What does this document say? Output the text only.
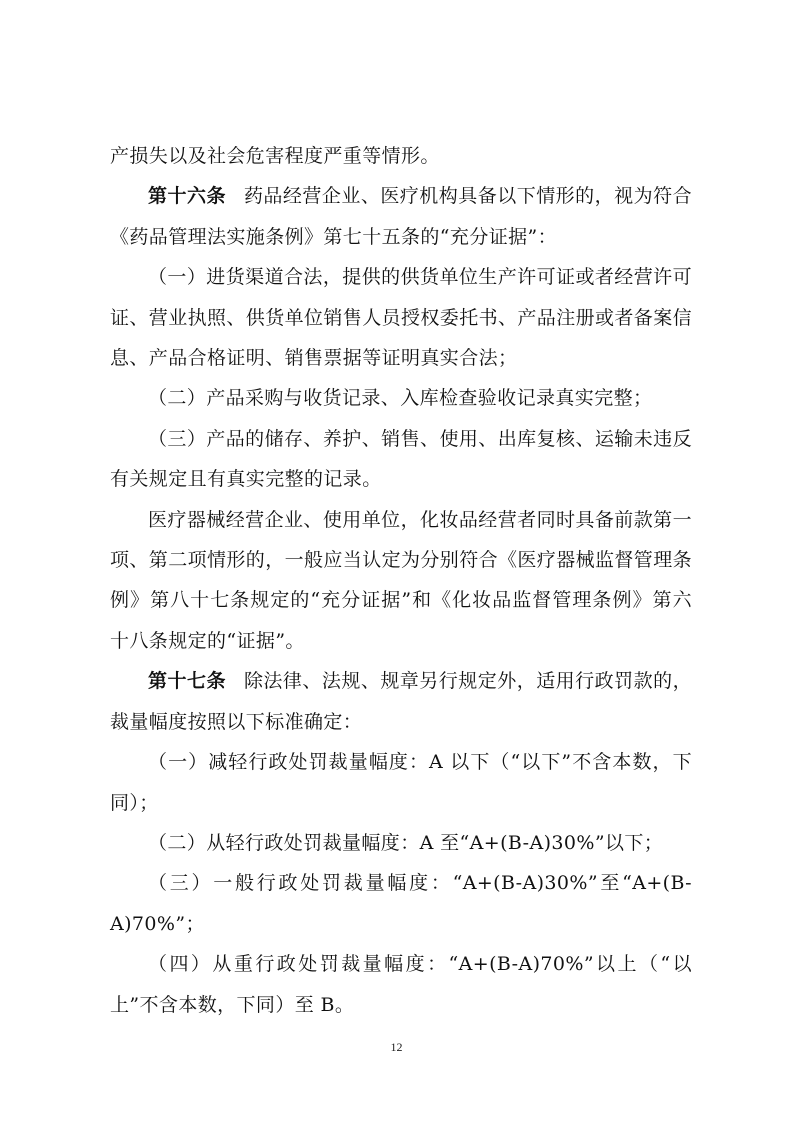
产损失以及社会危害程度严重等情形。

第十六条 药品经营企业、医疗机构具备以下情形的，视为符合《药品管理法实施条例》第七十五条的“充分证据”：

（一）进货渠道合法，提供的供货单位生产许可证或者经营许可证、营业执照、供货单位销售人员授权委托书、产品注册或者备案信息、产品合格证明、销售票据等证明真实合法；

（二）产品采购与收货记录、入库检查验收记录真实完整；

（三）产品的储存、养护、销售、使用、出库复核、运输未违反有关规定且有真实完整的记录。

医疗器械经营企业、使用单位，化妆品经营者同时具备前款第一项、第二项情形的，一般应当认定为分别符合《医疗器械监督管理条例》第八十七条规定的“充分证据”和《化妆品监督管理条例》第六十八条规定的“证据”。

第十七条 除法律、法规、规章另行规定外，适用行政罚款的，裁量幅度按照以下标准确定：

（一）减轻行政处罚裁量幅度：A 以下（“以下”不含本数，下同）；

（二）从轻行政处罚裁量幅度：A 至“A+(B-A)30%”以下；

（三）一般行政处罚裁量幅度：“A+(B-A)30%”至“A+(B-A)70%”；

（四）从重行政处罚裁量幅度：“A+(B-A)70%”以上（“以上”不含本数，下同）至 B。

12
